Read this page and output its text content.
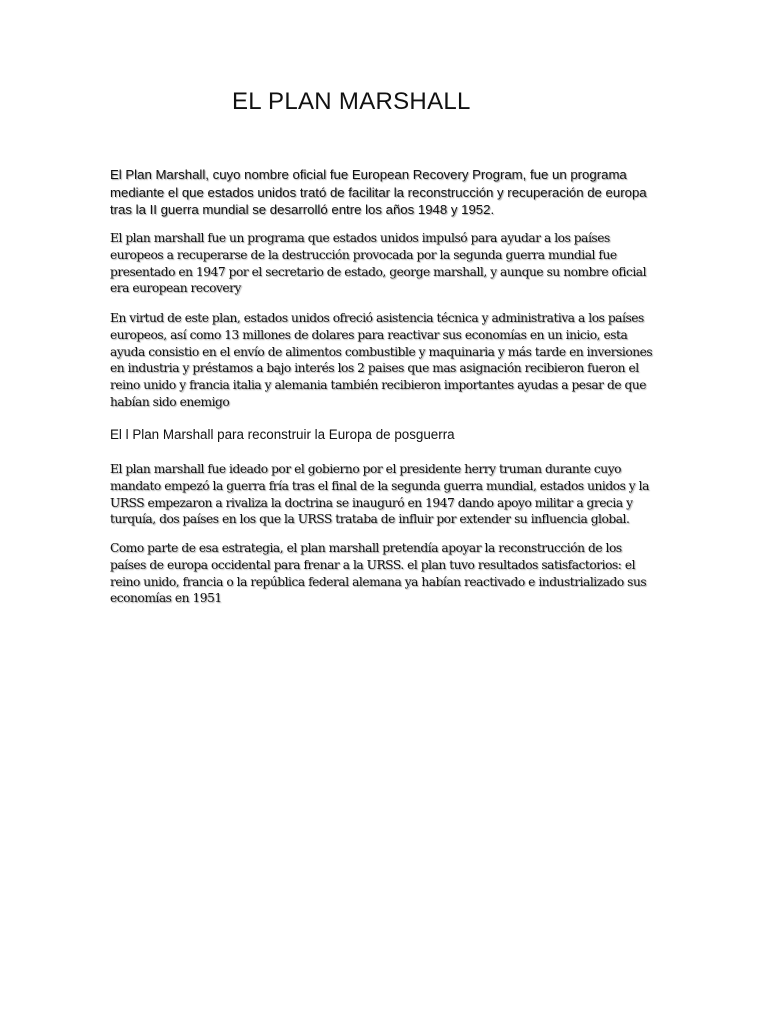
EL PLAN MARSHALL

El Plan Marshall, cuyo nombre oficial fue European Recovery Program, fue un programa mediante el que estados unidos trató de facilitar la reconstrucción y recuperación de europa tras la II guerra mundial se desarrolló entre los años 1948 y 1952.

El plan marshall fue un programa que estados unidos impulsó para ayudar a los países europeos a recuperarse de la destrucción provocada por la segunda guerra mundial fue presentado en 1947 por el secretario de estado, george marshall, y aunque su nombre oficial era european recovery

En virtud de este plan, estados unidos ofreció asistencia técnica y administrativa a los países europeos, así como 13 millones de dolares para reactivar sus economías en un inicio, esta ayuda consistio en el envío de alimentos combustible y maquinaria y más tarde en inversiones en industria y préstamos a bajo interés los 2 paises que mas asignación recibieron fueron el reino unido y francia italia y alemania también recibieron importantes ayudas a pesar de que habían sido enemigo

El l Plan Marshall para reconstruir la Europa de posguerra

El plan marshall fue ideado por el gobierno por el presidente herry truman durante cuyo mandato empezó la guerra fría tras el final de la segunda guerra mundial, estados unidos y la URSS empezaron a rivaliza la doctrina se inauguró en 1947 dando apoyo militar a grecia y turquía, dos países en los que la URSS trataba de influir por extender su influencia global.

Como parte de esa estrategia, el plan marshall pretendía apoyar la reconstrucción de los países de europa occidental para frenar a la URSS. el plan tuvo resultados satisfactorios: el reino unido, francia o la república federal alemana ya habían reactivado e industrializado sus economías en 1951
